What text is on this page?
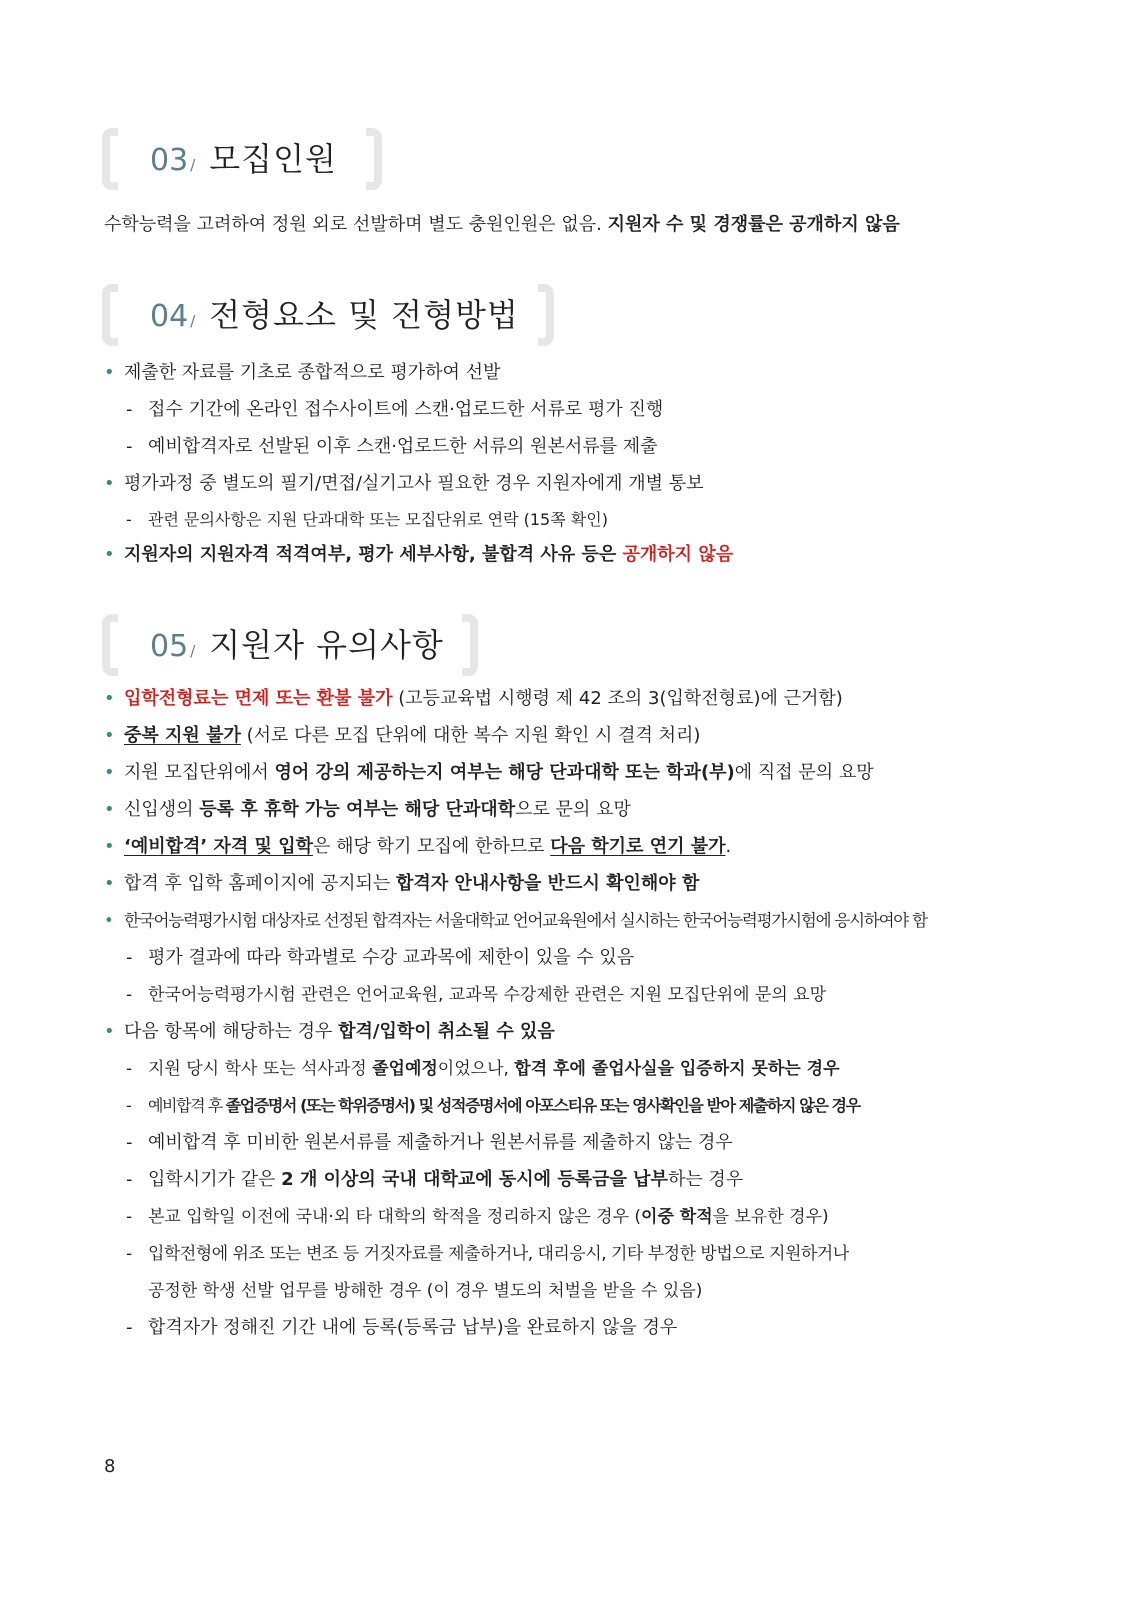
03 / 모집인원
수학능력을 고려하여 정원 외로 선발하며 별도 충원인원은 없음. 지원자 수 및 경쟁률은 공개하지 않음
04 / 전형요소 및 전형방법
• 제출한 자료를 기초로 종합적으로 평가하여 선발
- 접수 기간에 온라인 접수사이트에 스캔·업로드한 서류로 평가 진행
- 예비합격자로 선발된 이후 스캔·업로드한 서류의 원본서류를 제출
• 평가과정 중 별도의 필기/면접/실기고사 필요한 경우 지원자에게 개별 통보
- 관련 문의사항은 지원 단과대학 또는 모집단위로 연락 (15쪽 확인)
• 지원자의 지원자격 적격여부, 평가 세부사항, 불합격 사유 등은 공개하지 않음
05 / 지원자 유의사항
• 입학전형료는 면제 또는 환불 불가 (고등교육법 시행령 제 42 조의 3(입학전형료)에 근거함)
• 중복 지원 불가 (서로 다른 모집 단위에 대한 복수 지원 확인 시 결격 처리)
• 지원 모집단위에서 영어 강의 제공하는지 여부는 해당 단과대학 또는 학과(부)에 직접 문의 요망
• 신입생의 등록 후 휴학 가능 여부는 해당 단과대학으로 문의 요망
• ‘예비합격’ 자격 및 입학은 해당 학기 모집에 한하므로 다음 학기로 연기 불가.
• 합격 후 입학 홈페이지에 공지되는 합격자 안내사항을 반드시 확인해야 함
• 한국어능력평가시험 대상자로 선정된 합격자는 서울대학교 언어교육원에서 실시하는 한국어능력평가시험에 응시하여야 함
- 평가 결과에 따라 학과별로 수강 교과목에 제한이 있을 수 있음
- 한국어능력평가시험 관련은 언어교육원, 교과목 수강제한 관련은 지원 모집단위에 문의 요망
• 다음 항목에 해당하는 경우 합격/입학이 취소될 수 있음
- 지원 당시 학사 또는 석사과정 졸업예정이었으나, 합격 후에 졸업사실을 입증하지 못하는 경우
- 예비합격 후 졸업증명서 (또는 학위증명서) 및 성적증명서에 아포스티유 또는 영사확인을 받아 제출하지 않은 경우
- 예비합격 후 미비한 원본서류를 제출하거나 원본서류를 제출하지 않는 경우
- 입학시기가 같은 2 개 이상의 국내 대학교에 동시에 등록금을 납부하는 경우
- 본교 입학일 이전에 국내·외 타 대학의 학적을 정리하지 않은 경우 (이중 학적을 보유한 경우)
- 입학전형에 위조 또는 변조 등 거짓자료를 제출하거나, 대리응시, 기타 부정한 방법으로 지원하거나
공정한 학생 선발 업무를 방해한 경우 (이 경우 별도의 처벌을 받을 수 있음)
- 합격자가 정해진 기간 내에 등록(등록금 납부)을 완료하지 않을 경우
8
